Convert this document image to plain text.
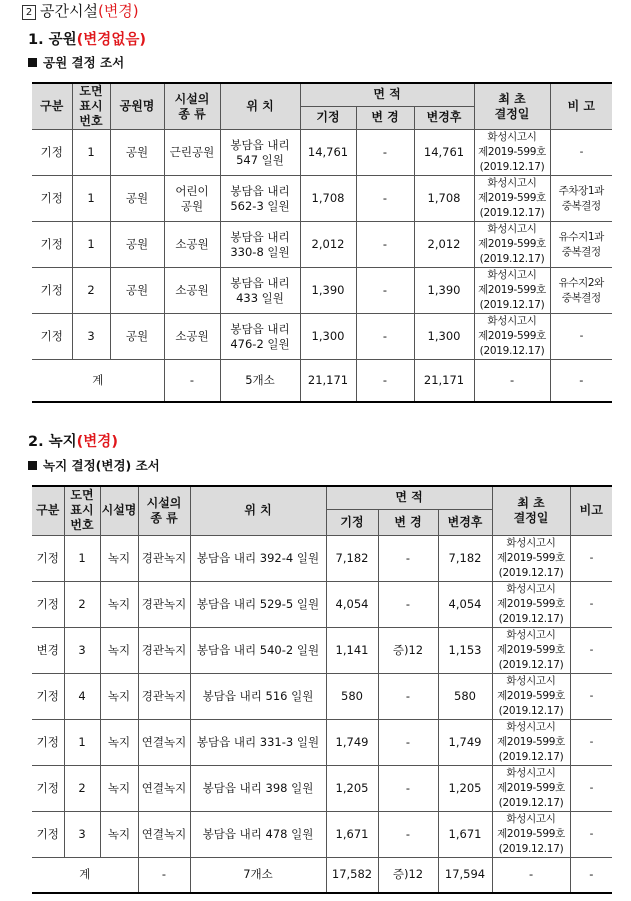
2 공간시설(변경)
1. 공원(변경없음)
공원 결정 조서
구분	도면
표시
번호	공원명	시설의
종 류	위 치	면 적			최 초
결정일	비 고
					기정	변 경	변경후		
기정	1	공원	근린공원	봉담읍 내리
547 일원	14,761	-	14,761	화성시고시
제2019-599호
(2019.12.17)	-
기정	1	공원	어린이
공원	봉담읍 내리
562-3 일원	1,708	-	1,708	화성시고시
제2019-599호
(2019.12.17)	주차장1과
중복결정
기정	1	공원	소공원	봉담읍 내리
330-8 일원	2,012	-	2,012	화성시고시
제2019-599호
(2019.12.17)	유수지1과
중복결정
기정	2	공원	소공원	봉담읍 내리
433 일원	1,390	-	1,390	화성시고시
제2019-599호
(2019.12.17)	유수지2와
중복결정
기정	3	공원	소공원	봉담읍 내리
476-2 일원	1,300	-	1,300	화성시고시
제2019-599호
(2019.12.17)	-
계			-	5개소	21,171	-	21,171	-	-
2. 녹지(변경)
녹지 결정(변경) 조서
구분	도면
표시
번호	시설명	시설의
종 류	위 치	면 적			최 초
결정일	비고
					기정	변 경	변경후		
기정	1	녹지	경관녹지	봉담읍 내리 392-4 일원	7,182	-	7,182	화성시고시
제2019-599호
(2019.12.17)	-
기정	2	녹지	경관녹지	봉담읍 내리 529-5 일원	4,054	-	4,054	화성시고시
제2019-599호
(2019.12.17)	-
변경	3	녹지	경관녹지	봉담읍 내리 540-2 일원	1,141	증)12	1,153	화성시고시
제2019-599호
(2019.12.17)	-
기정	4	녹지	경관녹지	봉담읍 내리 516 일원	580	-	580	화성시고시
제2019-599호
(2019.12.17)	-
기정	1	녹지	연결녹지	봉담읍 내리 331-3 일원	1,749	-	1,749	화성시고시
제2019-599호
(2019.12.17)	-
기정	2	녹지	연결녹지	봉담읍 내리 398 일원	1,205	-	1,205	화성시고시
제2019-599호
(2019.12.17)	-
기정	3	녹지	연결녹지	봉담읍 내리 478 일원	1,671	-	1,671	화성시고시
제2019-599호
(2019.12.17)	-
계			-	7개소	17,582	증)12	17,594	-	-
